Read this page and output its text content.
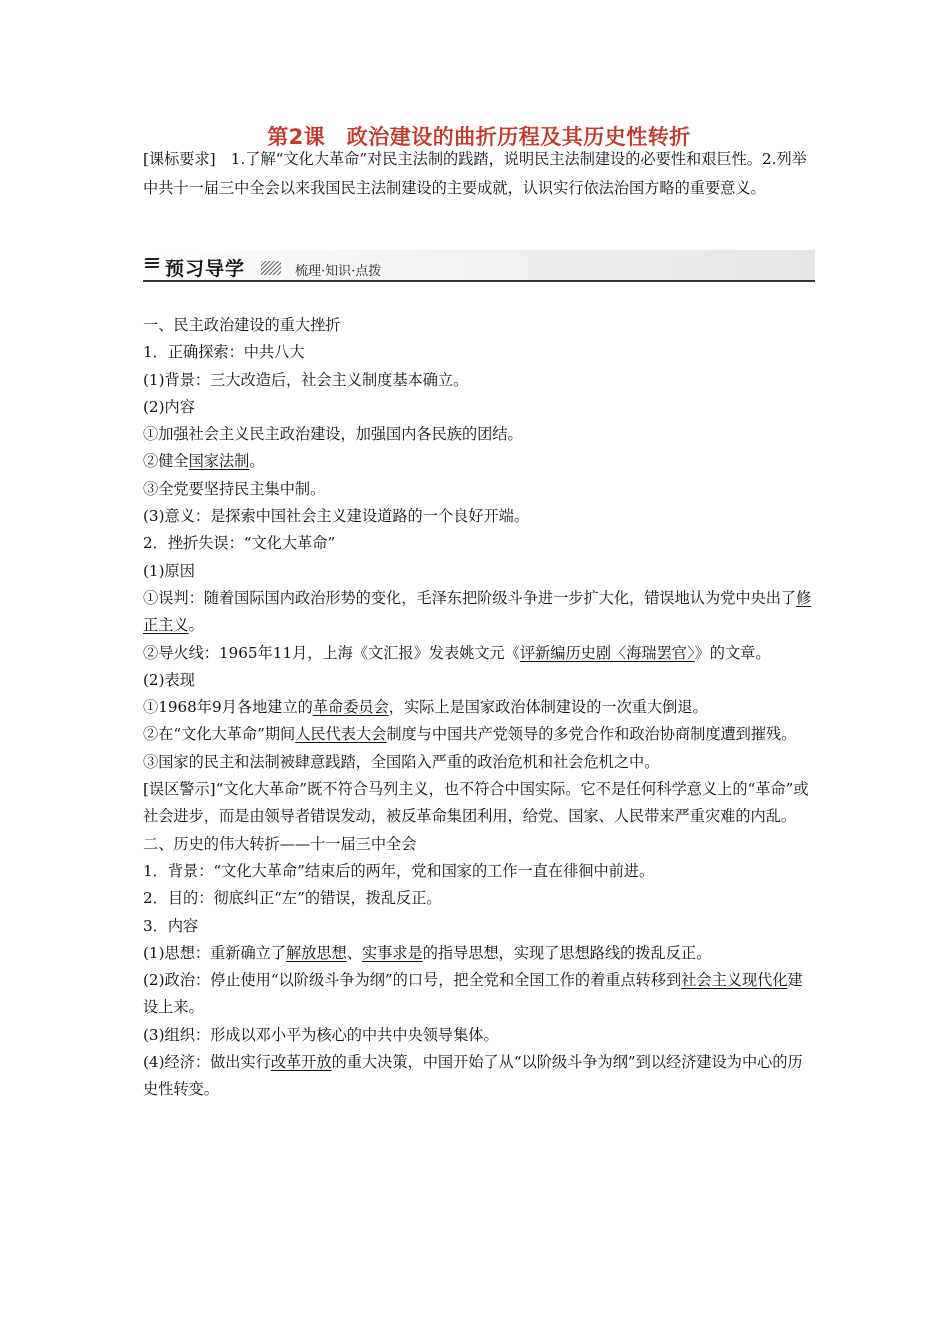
第2课　政治建设的曲折历程及其历史性转折
[课标要求]　1.了解“文化大革命”对民主法制的践踏，说明民主法制建设的必要性和艰巨性。2.列举中共十一届三中全会以来我国民主法制建设的主要成就，认识实行依法治国方略的重要意义。
预习导学	梳理·知识·点拨

一、民主政治建设的重大挫折

1．正确探索：中共八大

(1)背景：三大改造后，社会主义制度基本确立。

(2)内容

①加强社会主义民主政治建设，加强国内各民族的团结。

②健全国家法制。

③全党要坚持民主集中制。

(3)意义：是探索中国社会主义建设道路的一个良好开端。

2．挫折失误：“文化大革命”

(1)原因

①误判：随着国际国内政治形势的变化，毛泽东把阶级斗争进一步扩大化，错误地认为党中央出了修正主义。

②导火线：1965年11月，上海《文汇报》发表姚文元《评新编历史剧〈海瑞罢官〉》的文章。

(2)表现

①1968年9月各地建立的革命委员会，实际上是国家政治体制建设的一次重大倒退。

②在“文化大革命”期间人民代表大会制度与中国共产党领导的多党合作和政治协商制度遭到摧残。

③国家的民主和法制被肆意践踏，全国陷入严重的政治危机和社会危机之中。

[误区警示]“文化大革命”既不符合马列主义，也不符合中国实际。它不是任何科学意义上的“革命”或社会进步，而是由领导者错误发动，被反革命集团利用，给党、国家、人民带来严重灾难的内乱。

二、历史的伟大转折——十一届三中全会

1．背景：“文化大革命”结束后的两年，党和国家的工作一直在徘徊中前进。

2．目的：彻底纠正“左”的错误，拨乱反正。

3．内容

(1)思想：重新确立了解放思想、实事求是的指导思想，实现了思想路线的拨乱反正。

(2)政治：停止使用“以阶级斗争为纲”的口号，把全党和全国工作的着重点转移到社会主义现代化建设上来。

(3)组织：形成以邓小平为核心的中共中央领导集体。

(4)经济：做出实行改革开放的重大决策，中国开始了从“以阶级斗争为纲”到以经济建设为中心的历史性转变。
